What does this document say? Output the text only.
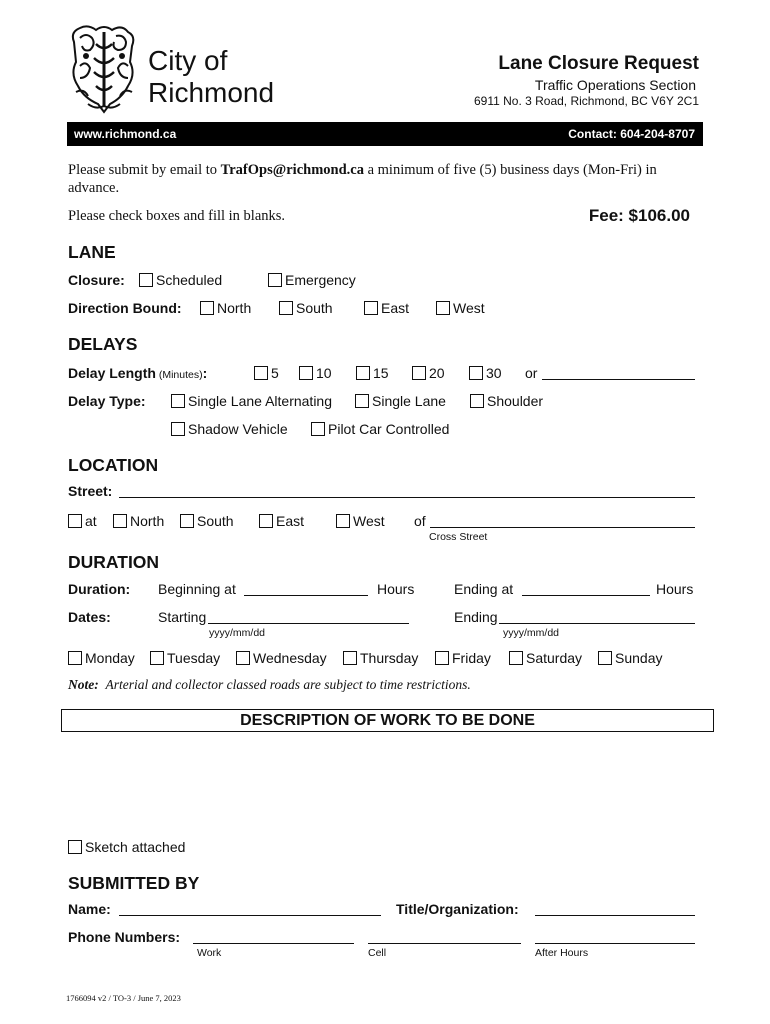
City of
Richmond
Lane Closure Request
Traffic Operations Section
6911 No. 3 Road, Richmond, BC V6Y 2C1
www.richmond.ca	Contact: 604-204-8707
Please submit by email to TrafOps@richmond.ca a minimum of five (5) business days (Mon-Fri) in
advance.
Please check boxes and fill in blanks.	Fee: $106.00
LANE
Closure:	Scheduled	Emergency
Direction Bound:	North	South	East	West
DELAYS
Delay Length (Minutes):	5	10	15	20	30 or
Delay Type:	Single Lane Alternating	Single Lane	Shoulder
Shadow Vehicle	Pilot Car Controlled
LOCATION
Street:
at	North	South	East	West of
Cross Street
DURATION
Duration: Beginning at	Hours	Ending at	Hours
Dates:	Starting	Ending
yyyy/mm/dd	yyyy/mm/dd
Monday	Tuesday	Wednesday	Thursday	Friday	Saturday	Sunday
Note: Arterial and collector classed roads are subject to time restrictions.
DESCRIPTION OF WORK TO BE DONE
Sketch attached
SUBMITTED BY
Name:	Title/Organization:
Phone Numbers:
Work	Cell	After Hours
1766094 v2 / TO-3 / June 7, 2023
